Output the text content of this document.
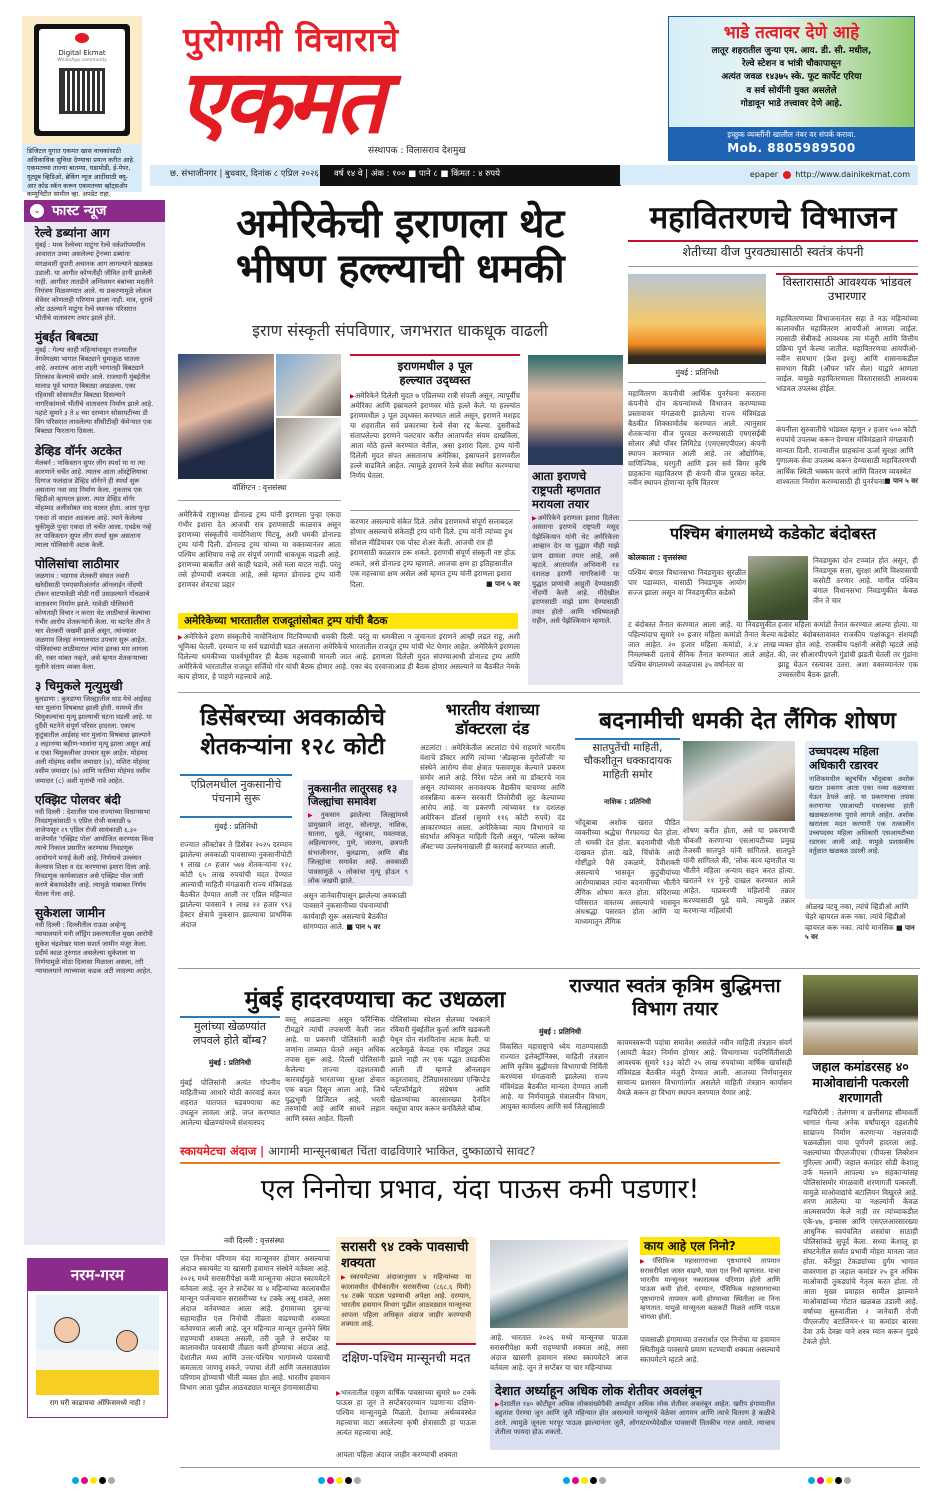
Digital Ekmat
WhatsApp community
डिजिटल युगात एकमत खास वाचकांसाठी अधिकाधिक सुविधा देण्याचा प्रयत्न करीत आहे. एकमतच्या ताज्या बातम्या, घडामोडी, ई-पेपर, यूट्यूब व्हिडिओ, ब्रेकिंग न्यूज आदींसाठी क्यू-आर कोड स्कॅन करून एकमतच्या व्हॉट्सअ‍ॅप कम्युनिटीत सामील व्हा. अपडेट राहा.
पुरोगामी विचाराचे
एकमत
संस्थापक : विलासराव देशमुख
छ. संभाजीनगर | बुधवार, दिनांक ८ एप्रिल २०२६	वर्ष १४ वे | अंक : १०० ■ पाने ८ ■ किंमत : ४ रुपये
भाडे तत्वावर देणे आहे
लातूर शहरातील जुन्या एम. आय. डी. सी. मधील,
रेल्वे स्टेशन व भांत्री चौकापासून
अत्यंत जवळ १४३७५ स्के. फूट कार्पेट एरिया
व सर्व सोयींनी युक्त असलेले
गोडावून भाडे तत्त्वावर देणे आहे.
इच्छुक व्यक्तींनी खालील नंबर वर संपर्क करावा.
Mob. 8805989500
epaper http://www.dainikekmat.com
⌄ फास्ट न्यूज
रेल्वे डब्यांना आग
मुंबई : मध्य रेल्वेच्या माटुंगा रेल्वे वर्कशॉपमधील आवारात उभ्या असलेल्या ट्रेनच्या डब्यांना मंगळवारी दुपारी अचानक आग लागल्याने खळबळ उडाली. या आगीत कोणतीही जीवित हानी झालेली नाही. आगीवर तातडीने अग्निशमन बंबांच्या मदतीने नियंत्रण मिळवण्यात आले. या प्रकरणामुळे लोकल सेवेवर कोणताही परिणाम झाला नाही. मात्र, धुराचे लोट उठल्याने माटुंगा रेल्वे स्थानक परिसरात भीतीचे वातावरण तयार झाले होते.
मुंबईत बिबट्या
मुंबई : गेल्या काही महिन्यांपासून राज्यातील वेगवेगळ्या भागात बिबट्याने धुमाकूळ घातला आहे. अशातच आता शहरी भागातही बिबट्याने शिरकाव केल्याचे समोर आले. राजधानी मुंबईतील मालाड पूर्व भागात बिबट्या आढळला. एका रहिवासी सोसायटीत बिबट्या दिसल्याने नागरिकांमध्ये भीतीचे वातावरण निर्माण झाले आहे. पहाटे सुमारे ३ ते ४ च्या दरम्यान सोसायटीच्या डी विंग परिसरात लावलेल्या सीसीटीव्ही कॅमेऱ्यात एक बिबट्या फिरताना दिसला.
डेव्हिड वॉर्नर अटकेत
मेलबर्न : पाकिस्तान सुपर लीग स्पर्धा या ना त्या कारणाने चर्चेत आहे. त्यातच आता ऑस्ट्रेलियाचा दिग्गज फलंदाज डेव्हिड वॉर्नरने ही स्पर्धा सुरू असताना नवा वाद निर्माण केला. नुकताच एक व्हिडीओ व्हायरल झाला. त्यात डेव्हिड वॉर्नर मोहम्मद अलीसोबत वाद घालत होता. आता पुन्हा एकदा तो वादात अडकला आहे. त्याने केलेल्या चुकीमुळे पुन्हा एकदा तो चर्चेत आला. एवढेच नव्हे तर पाकिस्तान सुपर लीग स्पर्धा सुरू असताना त्याला पोलिसांनी अटक केली.
पोलिसांचा लाठीमार
जळगाव : भडगाव शेतकरी संघात ज्वारी खरेदीसाठी एमएसपीअंतर्गत ऑनलाईन नोंदणी टोकन वाटपावेळी मोठी गर्दी उसळल्याने गोंधळाचे वातावरण निर्माण झाले. यावेळी पोलिसांनी कोणताही विचार न करता थेट लाठीचार्ज केल्याचा गंभीर आरोप शेतकऱ्यांनी केला. या घटनेत तीन ते चार शेतकरी जखमी झाले असून, त्यांच्यावर जळगाव जिल्हा रुग्णालयात उपचार सुरू आहेत. पोलिसांच्या लाठीमारात त्यांना इतका मार लागला की, रक्त थांबत नव्हते, असे म्हणत शेतकऱ्याच्या मुलीने संताप व्यक्त केला.
३ चिमुकले मृत्युमुखी
बुलडाणा : बुलडाणा जिल्ह्यातील धाड येथे आईसह चार मुलांना विषबाधा झाली होती. यामध्ये तीन चिमुकल्यांचा मृत्यू झाल्याची घटना घडली आहे. या दुर्दैवी घटनेने संपूर्ण परिसर हादरला. एकाच कुटुंबातील आईसह चार मुलांना विषबाधा झाल्याने ३ लहानग्या बहीण-भावांना मृत्यू झाला असून आई व एका चिमुकलीवर उपचार सुरू आहेत. मोहंमद अली मोहंमद वसीम जमादार (४), मशिरा मोहंमद वसीम जमादार (७) आणि फातिमा मोहंमद वसीम जमादार (८) अशी मृतांची नावे आहेत.
एक्झिट पोलवर बंदी
नवी दिल्ली : देशातील पाच राज्यांच्या विधानसभा निवडणुकांसाठी ९ एप्रिल रोजी सकाळी ७ वाजेपासून २९ एप्रिल रोजी सायंकाळी ६.३० वाजेपर्यंत 'एक्झिट पोल' आयोजित करण्यास किंवा त्याचे निकाल प्रसारित करण्यास निवडणूक आयोगाने मनाई केली आहे. निर्णयाचे उल्लंघन केल्यास शिक्षा व दंड करण्याचा इशारा दिला आहे. निवडणूक कार्यकाळात असे एक्झिट पोल जारी करणे बेकायदेशीर आहे. त्यामुळे याबाबत निर्णय घेतला गेला आहे.
सुकेशला जामीन
नवी दिल्ली : दिल्लीतील राऊस अव्हेन्यू न्यायालयाने मनी लॉंड्रिंग प्रकरणातील मुख्य आरोपी सुकेश चंद्रशेखर याला सशर्त जामीन मंजूर केला. प्रदीर्घ काळ तुरुंगात असलेल्या सुकेशला या निर्णयामुळे मोठा दिलासा मिळाला असला, तरी न्यायालयाने त्याच्यावर कडक अटी लादल्या आहेत.
नरम-गरम
राग घरी काढायचा ऑफिसमध्ये नाही !
अमेरिकेची इराणला थेट
भीषण हल्ल्याची धमकी
इराण संस्कृती संपविणार, जगभरात धाकधूक वाढली
वॉशिंग्टन : वृत्तसंस्था
अमेरिकेचे राष्ट्राध्यक्ष डोनाल्ड ट्रम्प यांनी इराणला पुन्हा एकदा गंभीर इशारा देत आजची रात्र इराणसाठी काळरात्र असून इराणच्या संस्कृतीचे नामोनिशाण मिटवू, अशी धमकी डोनाल्ड ट्रम्प यांनी दिली. डोनाल्ड ट्रम्प यांच्या या वक्तव्यानंतर आता पश्चिम आशियाच नव्हे तर संपूर्ण जगाची धाकधूक वाढली आहे. इराणच्या बाबतीत असे काही घडावे, असे मला वाटत नाही. परंतु तसे होण्याची शक्यता आहे, असे म्हणत डोनाल्ड ट्रम्प यांनी इराणवर शेवटचा प्रहार
इराणमधील ३ पूल
हल्ल्यात उद्ध्वस्त
▶ अमेरिकेने दिलेली मुदत ७ एप्रिलच्या रात्री संपली असून, त्यापूर्वीच अमेरिका आणि इस्रायलने इराणवर मोठे हल्ले केले. या हल्ल्यांत इराणमधील ३ पूल उद्ध्वस्त करण्यात आले असून, इराणने मशहद या शहरातील सर्व प्रकारच्या रेल्वे सेवा रद्द केल्या. दुसरीकडे संतापलेल्या इराणने पलटवार करीत आतापर्यंत संयम दाखविला, आता मोठे हल्ले करण्यात येतील, असा इशारा दिला. ट्रम्प यांनी दिलेली मुदत संपत असतानाच अमेरिका, इस्रायलने इराणवरील हल्ले वाढविले आहेत. त्यामुळे इराणने रेल्वे सेवा स्थगित करण्याचा निर्णय घेतला.
करणार असल्याचे संकेत दिले. तसेच इराणमध्ये संपूर्ण सत्ताबदल होणार असल्याचे संकेतही ट्रम्प यांनी दिले. ट्रम्प यांनी त्यांच्या ट्रुथ सोशल मीडियावर एक पोस्ट शेअर केली. आजची रात्र ही इराणसाठी काळरात्र ठरू शकते. इराणची संपूर्ण संस्कृती नष्ट होऊ शकते, असे डोनाल्ड ट्रम्प म्हणाले. आजचा क्षण हा इतिहासातील एक महत्त्वाचा क्षण असेल असे म्हणत ट्रम्प यांनी इराणला इशारा दिला.	■ पान ५ वर
आता इराणचे राष्ट्रपती म्हणतात मरायला तयार
▶ अमेरिकेने इराणला इशारा दिलेला असताना इराणचे राष्ट्रपती मसूद पेझेश्कियान यांनी थेट अमेरिकेला आव्हान देत या युद्धात मीही माझे प्राण द्यायला तयार आहे, असे म्हटले. आतापर्यंत अभिमानी १४ दशलक्ष इराणी नागरिकांनी या युद्धात प्राणांची आहुती देण्यासाठी नोंदणी केली आहे. मीदेखील इराणसाठी माझे प्राण देण्यासाठी तयार होतो आणि भविष्यातही राहीन, असे पेझेश्कियान म्हणाले.
अमेरिकेच्या भारतातील राजदूतांसोबत ट्रम्प यांची बैठक
▶ अमेरिकेने इराण संस्कृतीचे नामोनिशाण मिटविण्याची धमकी दिली. परंतु या धमकीला न जुमानता इराणने आम्ही लढत राहू, अशी भूमिका घेतली. दरम्यान या सर्व घडामोडी घडत असताना अमेरिकेचे भारतातील राजदूत ट्रम्प यांची भेट घेणार आहेत. अमेरिकेने इराणला दिलेल्या धमकीच्या पार्श्वभूमीवर ही बैठक महत्त्वाची मानली जात आहे. इराणला दिलेली मुदत संपण्याआधी डोनाल्ड ट्रम्प आणि अमेरिकेचे भारतातील राजदूत सर्जियो गोर यांची बैठक होणार आहे. एका बंद दरवाजाआड ही बैठक होणार असल्याने या बैठकीत नेमके काय होणार, हे पाहणे महत्त्वाचे आहे.
महावितरणचे विभाजन
शेतीच्या वीज पुरवठ्यासाठी स्वतंत्र कंपनी
मुंबई : प्रतिनिधी
महावितरण कंपनीची आर्थिक पुनर्रचना करताना कंपनीचे दोन कंपन्यांमध्ये विभाजन करण्याच्या प्रस्तावावर मंगळवारी झालेल्या राज्य मंत्रिमंडळ बैठकीत शिक्कामोर्तब करण्यात आले. त्यानुसार शेतकऱ्यांना वीज पुरवठा करण्यासाठी एमएसईबी सोलार अ‍ॅग्रो पॉवर लिमिटेड (एमएसएपीएल) कंपनी स्थापन करण्यात आली आहे. तर औद्योगिक, वाणिज्यिक, घरगुती आणि इतर सर्व बिगर कृषि ग्राहकांना महावितरण ही कंपनी वीज पुरवठा करेल. नवीन स्थापन होणाऱ्या कृषि वितरण
विस्तारासाठी आवश्यक भांडवल उभारणार
महावितरणच्या विभाजनानंतर सहा ते नऊ महिन्यांच्या कालावधीत महावितरण आयपीओ आणला जाईल. त्यासाठी सेबीकडे आवश्यक त्या मंजुरी आणि वित्तीय प्रक्रिया पूर्ण केल्या जातील. महावितरणचा आयपीओ- नवीन समभाग (फ्रेश इश्यू) आणि शासनाकडील समभाग विक्री (ऑफर फॉर सेल) याद्वारे आणला जाईल. यामुळे महावितरणाला विस्तारासाठी आवश्यक भांडवल उपलब्ध होईल.
कंपनीला सुरुवातीचे भांडवल म्हणून २ हजार ५०० कोटी रुपयांचे उपलब्ध करून देण्यास मंत्रिमंडळाने मंगळवारी मान्यता दिली. राज्यातील ग्राहकांना ऊर्जा सुरक्षा आणि गुणात्मक सेवा उपलब्ध करून देण्यासाठी महावितरणची आर्थिक स्थिती भक्कम करणे आणि वितरण व्यवस्थेत शाश्वतता निर्माण करण्यासाठी ही पुनर्रचना ■ पान ५ वर
पश्चिम बंगालमध्ये कडेकोट बंदोबस्त
कोलकाता : वृत्तसंस्था
पश्चिम बंगाल विधानसभा निवडणुका सुरळीत पार पडाव्यात, यासाठी निवडणूक आयोग सज्ज झाला असून या निवडणुकीत कडेको
ट बंदोबस्त तैनात करण्यात आला आहे. या निवडणुकीत पहिल्यांदाच सुमारे २० हजार महिला कमांडो तैनात केल्या जात आहेत. २० हजार महिला कमांडो, २.४ लाख निमलष्करी दलाचे सैनिक तैनात करण्यात आले आहेत. पश्चिम बंगालमध्ये जवळपास ३५ वर्षांनंतर या
निवडणुका दोन टप्प्यांत होत असून, ही निवडणूक सत्ता, सुरक्षा आणि विश्वासाची कसोटी ठरणार आहे. मागील पश्चिम बंगाल विधानसभा निवडणुकीत केवळ तीन ते चार
हजार महिला कमांडो तैनात करण्यात आल्या होत्या. या कडेकोट बंदोबस्तावावत राजकीय पक्षांकडून संशयही व्यक्त होत आहे. राजकीय पक्षांनी असेही म्हटले आहे की, जर सीआरपीएफने गुंडांची झडती घेतली तर गुंडांना झाडू घेऊन रस्त्यावर उतरा. अशा वक्तव्यानंतर एक उच्चस्तरीय बैठक झाली.
डिसेंबरच्या अवकाळीचे शेतकऱ्यांना १२८ कोटी
एप्रिलमधील नुकसानीचे पंचनामे सुरू
मुंबई : प्रतिनिधी
राज्यात ऑक्टोबर ते डिसेंबर २०२५ दरम्यान झालेल्या अवकाळी पावसाच्या नुकसानीपोटी १ लाख ८० हजार ५७४ शेतकऱ्यांना १२८ कोटी ६५ लाख रुपयांची मदत देण्यात आल्याची माहिती मंगळवारी राज्य मंत्रिमंडळ बैठकीत देण्यात आली तर एप्रिल महिन्यात झालेल्या पावसाने १ लाख २२ हजार ९९३ हेक्टर क्षेत्राचे नुकसान झाल्याचा प्राथमिक अंदाज
नुकसानीत लातूरसह १३ जिल्ह्यांचा समावेश
▶ नुकसान झालेल्या जिल्ह्यांमध्ये प्रामुख्याने लातूर, सोलापूर, नाशिक, सातारा, धुळे, नंदुरबार, यवतमाळ, अहिल्यानगर, पुणे, जालना, छत्रपती संभाजीनगर, बुलढाणा, आणि बीड जिल्ह्यांचा समावेश आहे. अवकाळी पावसामुळे ५ लोकांचा मृत्यू होऊन ९ लोक जखमी झाले.
असून जानेवारीपासून झालेल्या अवकाळी पावसाने नुकसानीच्या पंचनाम्यांची कार्यवाही सुरू असल्याचे बैठकीत सांगण्यात आले. ■ पान ५ वर
भारतीय वंशाच्या डॉक्टरला दंड
अटलांटा : अमेरिकेतील अटलांटा येथे राहणारे भारतीय वंशाचे डॉक्टर आणि त्यांच्या 'अ‍ॅडव्हान्स युरोलॉजी' या संस्थेने आरोग्य सेवा क्षेत्रात फसवणूक केल्याने प्रकरण समोर आले आहे. निरेश पटेल असे या डॉक्टरचे नाव असून त्यांच्यावर अनावश्यक वैद्यकीय चाचण्या आणि शस्त्रक्रिया करून सरकारी तिजोरीची लूट केल्याच्या आरोप आहे. या प्रकरणी त्यांच्यावर १४ दशलक्ष अमेरिकन डॉलर्स (सुमारे ११६ कोटी रुपये) दंड आकारण्यात आला. अमेरिकेच्या न्याय विभागाने या संदर्भात अधिकृत माहिती दिली असून, 'फॉल्स क्लेम्स अ‍ॅक्ट'च्या उल्लंघनाखाली ही कारवाई करण्यात आली.
बदनामीची धमकी देत लैंगिक शोषण
सातपुतेंची माहिती, चौकशीतून धक्कादायक माहिती समोर
नाशिक : प्रतिनिधी
भोंदूबाबा अशोक खरात पीडित व्यक्तीच्या श्रद्धेचा गैरफायदा घेत होता. तो धमकी देत होता. बदनामीची भीती दाखवत होता. खडे, चिंचोके आदी गोष्टींद्वारे पैसे उकळणे, दैवीशक्ती असल्याचे भासवून कुटुंबीयांच्या आरोग्याबाबत त्यांना बदनामीच्या भीतीने लैंगिक शोषण करत होता. मंदिराच्या परिसरात वास्तव्य असल्याचे भासवून अंधश्रद्धा पसरवत होता आणि या माध्यमातून लैंगिक
शोषण करीत होता, असे या प्रकरणाची चौकशी करणाऱ्या एसआयटीच्या प्रमुख तेजस्वी सातपुते यांनी सांगितले. सातपुते यांनी सांगितले की, 'लोक काय म्हणतील या भीतीने महिला अन्याय सहन करत होत्या. खरातने ११ गुन्हे दाखल करण्यात आले आहेत. याप्रकरणी महिलांनी तक्रार करण्यासाठी पुढे यावे. त्यामुळे तक्रार करणाऱ्या महिलांची
उच्चपदस्थ महिला अधिकारी रडारवर
नाशिकमधील बहुचर्चित भोंदूबाबा अशोक खरात प्रकरण आता एका नव्या वळणावर येऊन ठेपले आहे. या प्रकरणाचा तपास करणाऱ्या एसआयटी पथकाच्या हाती खळबळजनक पुरावे लागले आहेत. अशोक खरातला मदत करणारी एक तत्कालीन उच्चपदस्थ महिला अधिकारी एसआयटीच्या रडारवर आली आहे. यामुळे प्रशासकीय वर्तुळात खळबळ उडाली आहे.
ओळख पटवू नका, त्यांचे व्हिडीओ आणि चेहरे व्हायरल करू नका. त्यांचे व्हिडीओ व्हायरल करू नका. त्यांचे मानसिक ■ पान ५ वर
मुंबई हादरवण्याचा कट उधळला
मुलांच्या खेळण्यांत लपवले होते बॉम्ब?
मुंबई : प्रतिनिधी
मुंबई पोलिसांनी अत्यंत गोपनीय माहितीच्या आधारे मोठी कारवाई करत शहरात घातपात घडवण्याचा कट उधळून लावला आहे. जप्त करण्यात आलेल्या खेळण्यांमध्ये संशयास्पद
वस्तू आढळल्या असून फॉरेन्सिक टीमद्वारे त्यांची तपासणी केली जात आहे. या प्रकरणी पोलिसांनी काही जणांना ताब्यात घेतले असून अधिक तपास सुरू आहे. दिल्ली पोलिसांनी केलेल्या ताज्या दहशतवादी कारवाईमुळे भारताच्या सुरक्षा क्षेत्रात एक बदल दिसून आला आहे, जिथे युद्धभूमी डिजिटल आहे, भरती तरुणांची आहे आणि साधने लहान आणि स्वस्त आहेत. दिल्ली
पोलिसांच्या स्पेशल सेलच्या पथकाने रविवारी मुंबईतील कुर्ला आणि खडकली येथून दोन संशयितांना अटक केली. या अटकेमुळे केवळ एक मॉड्यूल उघड झाले नाही तर एक पद्धत उघडकीस आली ती म्हणजे ऑनलाइन कट्टरतावाद, टेलिग्रामसारख्या एन्क्रिप्टेड प्लॅटफॉर्मद्वारे संप्रेषण आणि खेळण्यांच्या कारसारख्या दैनंदिन वस्तूंचा वापर करून बनविलेले बॉम्ब.
राज्यात स्वतंत्र कृत्रिम बुद्धिमत्ता विभाग तयार
मुंबई : प्रतिनिधी
विकसित महाराष्ट्राचे ध्येय गाठण्यासाठी राज्यात इलेक्ट्रॉनिक्स, माहिती तंत्रज्ञान आणि कृत्रिम बुद्धीमत्ता विभागाची निर्मिती करण्यास मंगळवारी झालेल्या राज्य मंत्रिमंडळ बैठकीत मान्यता देण्यात आली आहे. या निर्णयामुळे मंत्रालयीन विभाग, आयुक्त कार्यालय आणि सर्व जिल्ह्यांसाठी
कायमस्वरूपी पदांचा समावेश असलेले नवीन माहिती तंत्रज्ञान संवर्ग (आयटी केडर) निर्माण होणार आहे. विभागाच्या पदनिर्मितीसाठी आवश्यक सुमारे १३३ कोटी २५ लाख रुपयांच्या वार्षिक खर्चासही मंत्रिमंडळ बैठकीत मंजुरी देण्यात आली. आजच्या निर्णयानुसार सामान्य प्रशासन विभागांतर्गत असलेले माहिती तंत्रज्ञान कार्यासन येथळे करून हा विभाग स्थापन करण्यात येणार आहे.
जहाल कमांडरसह ४० माओवाद्यांनी पत्करली शरणागती
गडचिरोली : तेलंगणा व छत्तीसगड सीमावर्ती भागात गेल्या अनेक वर्षांपासून दहशतीचे साम्राज्य निर्माण करणाऱ्या नक्षलवादी चळवळीला पाया पूर्णपणे हादरला आहे. नक्षल्यांच्या पीएलजीएचा (पीपल्स लिबरेशन गुरिल्ला आर्मी) जहाल कमांडर सोडी केशालू उर्फ मल्लाने आपल्या ४० सहकाऱ्यांसह पोलिसांसमोर मंगळवारी शरणागती पत्करली. यामुळे माओवाद्यांचे बटालियन विखुरले आहे. शरण आलेल्या या नक्षल्यांनी केवळ आत्मसमर्पण केले नाही तर त्यांच्याकडील एके-४७, इन्सास आणि एसएलआरसारख्या आधुनिक स्वयंचलित शस्त्रांचा साठाही पोलिसांकडे सुपूर्द केला. सध्या केशालू हा संघटनेतील सर्वात प्रभावी मोहरा मानला जात होता. कर्रेगुट्टा टेकड्यांच्या दुर्गम भागात वावरणारा हा जहाल कमांडर २५ हून अधिक माओवादी तुकड्यांचे नेतृत्व करत होता. तो आता मुख्य प्रवाहात सामील झाल्याने माओवाद्यांच्या गोटात खळबळ उडाली आहे. वर्षाच्या सुरुवातीला २ जानेवारी रोजी पीएलजीए बटालियन-१ चा कमांडर बारसा देवा उर्फ देवन्ना याने शस्त्र म्यान करून गुडघे टेकले होते.
स्कायमेटचा अंदाज | आगामी मान्सूनबाबत चिंता वाढविणारे भाकित, दुष्काळाचे सावट?
एल निनोचा प्रभाव, यंदा पाऊस कमी पडणार!
नवी दिल्ली : वृत्तसंस्था
एल निनोचा परिणाम यंदा मान्सूनवर होणार असल्याचा अंदाज स्कायमेट या खासगी हवामान संस्थेने वर्तवला आहे. २०२६ मध्ये सरासरीपेक्षा कमी मान्सूनचा अंदाज स्कायमेटने वर्तवला आहे. जून ते सप्टेंबर या ४ महिन्यांच्या कालावधीत मान्सून पर्जन्यमान सरासरीच्या ९४ टक्के असू शकते, असा अंदाज वर्तवण्यात आला आहे. हंगामाच्या दुसऱ्या सहामाहीत एल निनोची तीव्रता वाढण्याची शक्यता वर्तवण्यात आली आहे. जून महिन्यात मान्सून तुलनेने स्थिर राहण्याची शक्यता असली, तरी जुलै ते सप्टेंबर या कालावधीत पावसाची तीव्रता कमी होण्याचा अंदाज आहे. देशातील मध्य आणि उत्तर-पश्चिम भागांमध्ये पावसाची कमतरता जाणवू शकते, ज्याचा शेती आणि जलसाठ्यांवर परिणाम होण्याची भीती व्यक्त होत आहे. भारतीय हवामान विभाग आता पुढील आठवड्यात मान्सून हंगामासाठीचा
सरासरी ९४ टक्के पावसाची शक्यता
▶ स्कायमेटच्या अंदाजानुसार ४ महिन्यांच्या या कालावधीत दीर्घकालीन सरासरीच्या (८६८.६ मिमी) ९४ टक्के पाऊस पडण्याची अपेक्षा आहे. दरम्यान, भारतीय हवामान विभाग पुढील आठवड्यात मान्सूनचा आपला पहिला अधिकृत अंदाज जाहीर करण्याची शक्यता आहे.
दक्षिण-पश्चिम मान्सूनची मदत
▶ भारतातील एकूण वार्षिक पावसाच्या सुमारे ७० टक्के पाऊस हा जून ते सप्टेंबरदरम्यान पडणाऱ्या दक्षिण-पश्चिम मान्सूनमुळे मिळतो. देशाच्या अर्थव्यवस्थेत महत्त्वाचा वाटा असलेल्या कृषी क्षेत्रासाठी हा पाऊस अत्यंत महत्त्वाचा आहे.
आपला पहिला अंदाज जाहीर करण्याची शक्यता
आहे. भारतात २०२६ मध्ये मान्सूनचा पाऊस सरासरीपेक्षा कमी राहण्याची शक्यता आहे, असा अंदाज खासगी हवामान संस्था स्कायमेटने आज वर्तवला आहे. जून ते सप्टेंबर या चार महिन्यांच्या
काय आहे एल निनो?
▶ पॅसिफिक महासागराच्या पृष्ठभागाचे तापमान सरासरीपेक्षा जास्त वाढणे, याला एल निनो म्हणतात. याचा भारतीय मान्सूनवर नकारात्मक परिणाम होतो आणि पाऊस कमी होतो. दरम्यान, पॅसिफिक महासागराच्या पृष्ठभागाचे तापमान कमी होण्याच्या स्थितीला ला निना म्हणतात. यामुळे मान्सूनला बळकटी मिळते आणि पाऊस चांगला होतो.
पावसाळी हंगामाच्या उत्तरार्धात एल निनोचा या हवामान स्थितीमुळे पावसाचे प्रमाण घटण्याची शक्यता असल्याचे स्कायमेटने म्हटले आहे.
देशात अर्ध्याहून अधिक लोक शेतीवर अवलंबून
▶ देशातील १४० कोटीहून अधिक लोकसंख्येपैकी अर्ध्याहून अधिक लोक शेतीवर अवलंबून आहेत. खरीप हंगामातील बहुतांश पेरण्या जून आणि जुलै महिन्यात होत असल्याने मान्सूनचे वेळेवर आगमन आणि त्याचे वितरण हे कळीचे ठरते. त्यामुळे जूनला भरपूर पाऊस झाल्यानंतर जुलै, ऑगस्टमध्येदेखील पावसाची तितकीच गरज असते. त्याचाच शेतीला फायदा होऊ शकतो.
